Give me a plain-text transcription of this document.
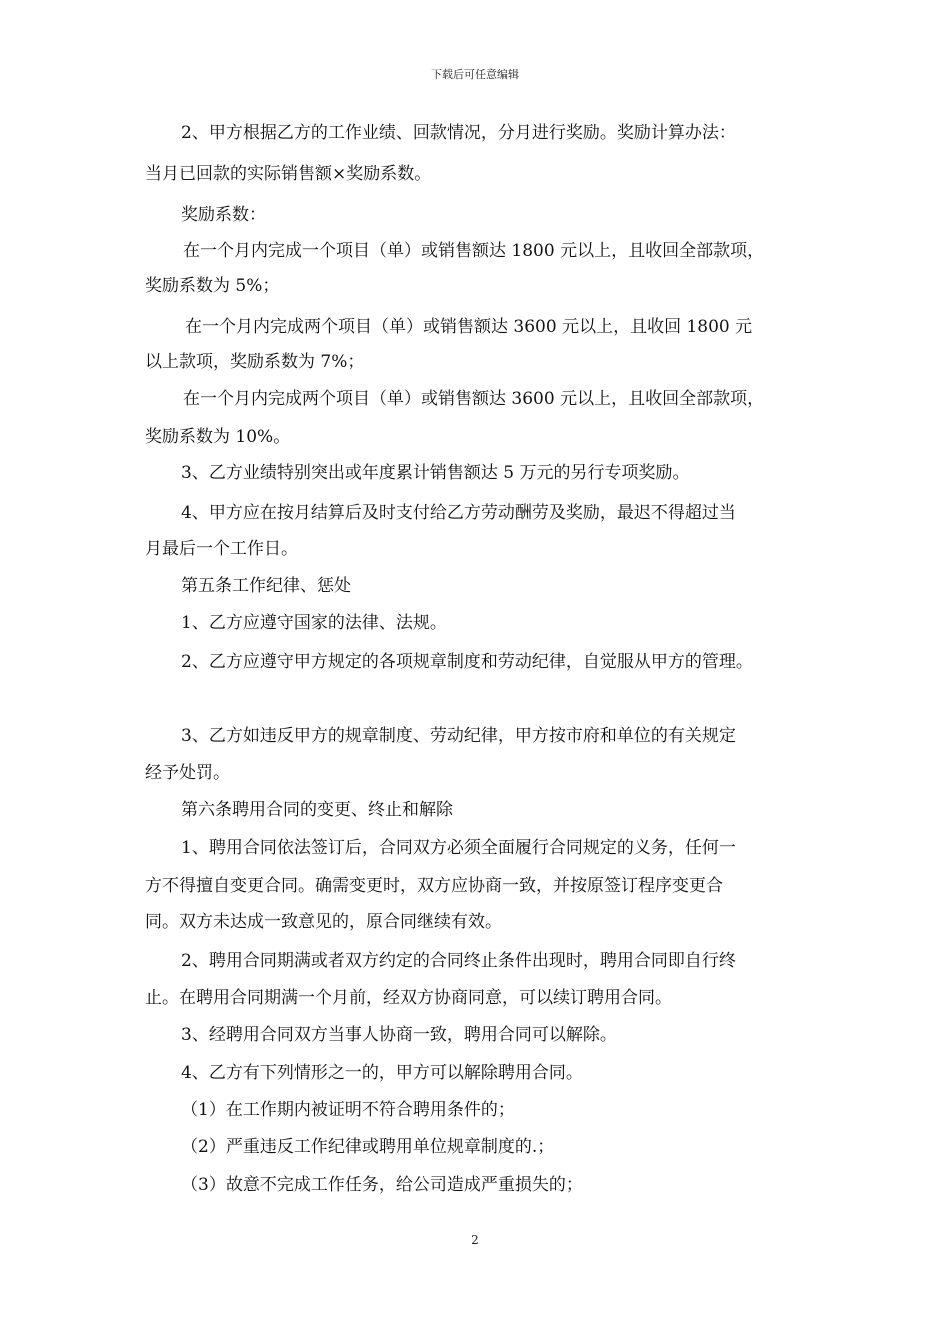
下载后可任意编辑
2、甲方根据乙方的工作业绩、回款情况，分月进行奖励。奖励计算办法：
当月已回款的实际销售额×奖励系数。
奖励系数：
在一个月内完成一个项目（单）或销售额达 1800 元以上，且收回全部款项，
奖励系数为 5%；
在一个月内完成两个项目（单）或销售额达 3600 元以上，且收回 1800 元
以上款项，奖励系数为 7%；
在一个月内完成两个项目（单）或销售额达 3600 元以上，且收回全部款项，
奖励系数为 10%。
3、乙方业绩特别突出或年度累计销售额达 5 万元的另行专项奖励。
4、甲方应在按月结算后及时支付给乙方劳动酬劳及奖励，最迟不得超过当
月最后一个工作日。
第五条工作纪律、惩处
1、乙方应遵守国家的法律、法规。
2、乙方应遵守甲方规定的各项规章制度和劳动纪律，自觉服从甲方的管理。
3、乙方如违反甲方的规章制度、劳动纪律，甲方按市府和单位的有关规定
经予处罚。
第六条聘用合同的变更、终止和解除
1、聘用合同依法签订后，合同双方必须全面履行合同规定的义务，任何一
方不得擅自变更合同。确需变更时，双方应协商一致，并按原签订程序变更合
同。双方未达成一致意见的，原合同继续有效。
2、聘用合同期满或者双方约定的合同终止条件出现时，聘用合同即自行终
止。在聘用合同期满一个月前，经双方协商同意，可以续订聘用合同。
3、经聘用合同双方当事人协商一致，聘用合同可以解除。
4、乙方有下列情形之一的，甲方可以解除聘用合同。
（1）在工作期内被证明不符合聘用条件的；
（2）严重违反工作纪律或聘用单位规章制度的.；
（3）故意不完成工作任务，给公司造成严重损失的；
2
